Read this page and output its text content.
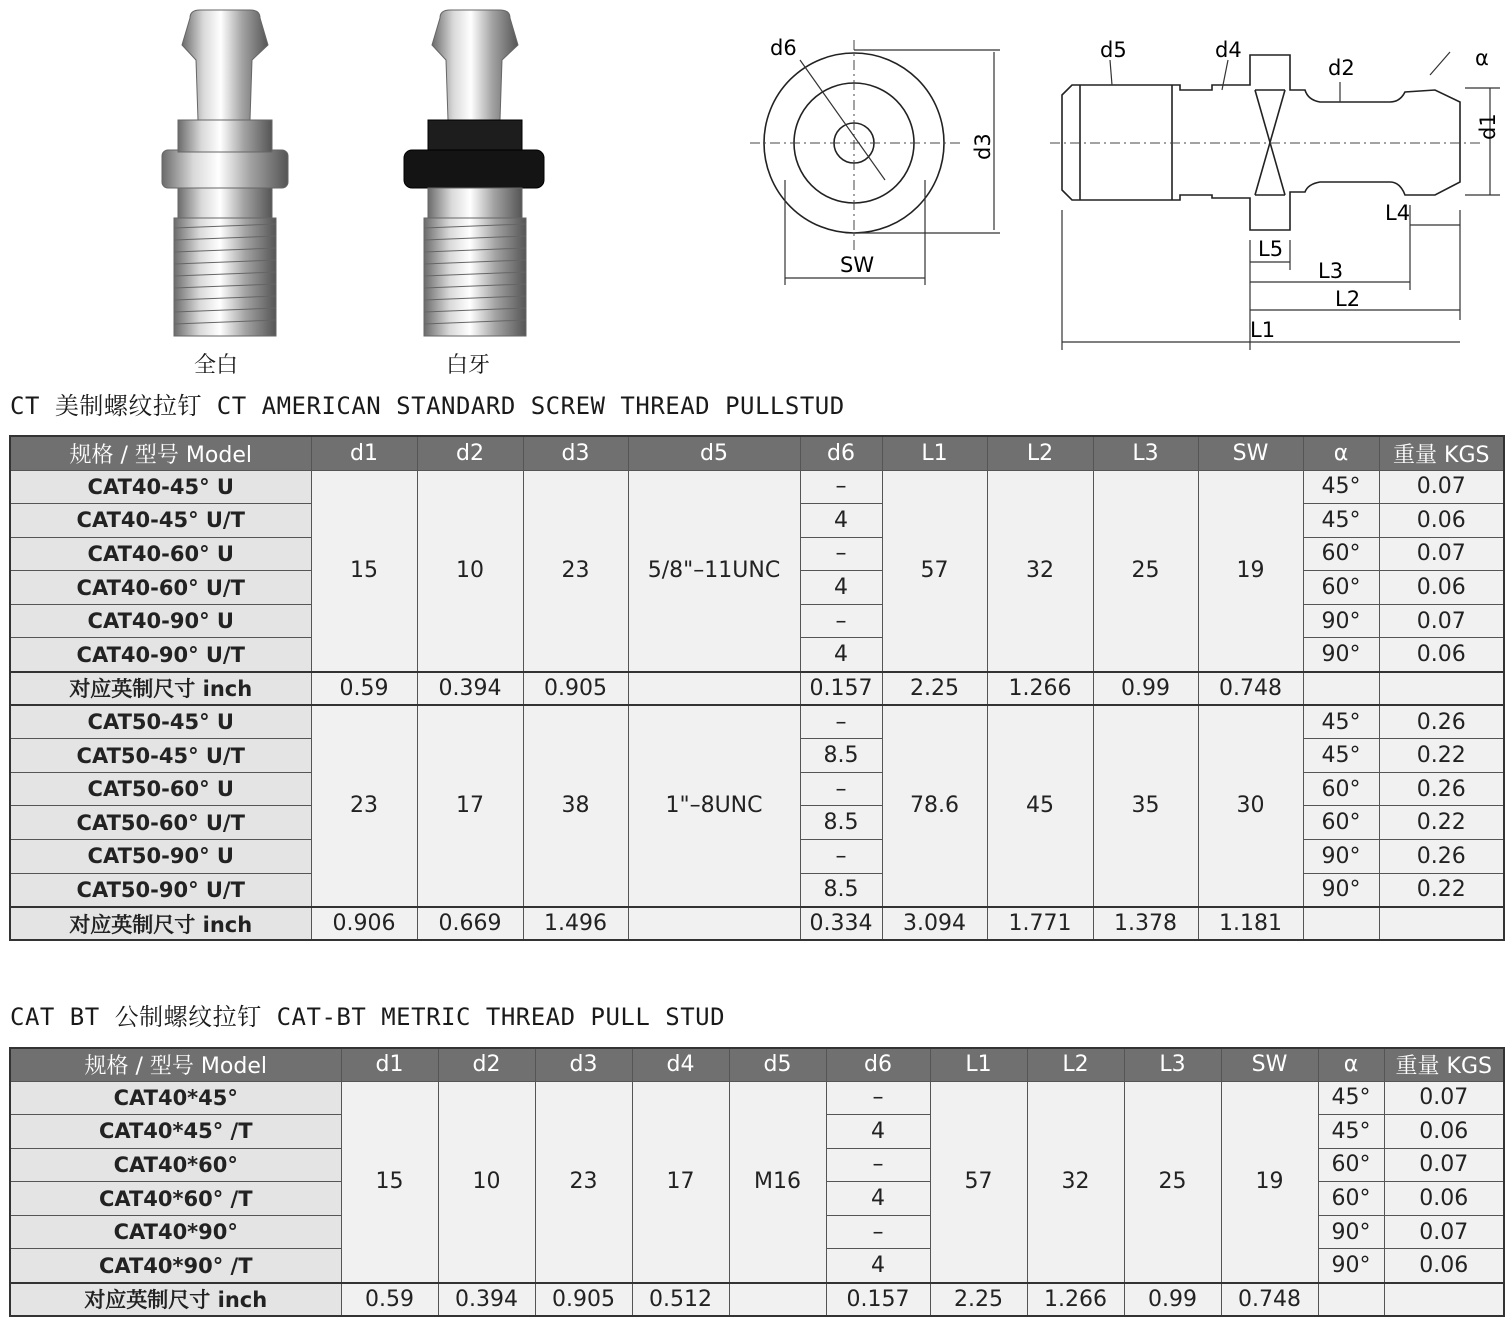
全白	白牙
d6
d3
SW
d5	d4
d2	α
d1
L4
L5
L3
L2
L1
CT 美制螺纹拉钉 CT AMERICAN STANDARD SCREW THREAD PULLSTUD
规格 / 型号 Model	d1	d2	d3	d5	d6	L1	L2	L3	SW	α	重量 KGS
CAT40-45° U	15	10	23	5/8"–11UNC	–	57	32	25	19	45°	0.07
CAT40-45° U/T					4					45°	0.06
CAT40-60° U					–					60°	0.07
CAT40-60° U/T					4					60°	0.06
CAT40-90° U					–					90°	0.07
CAT40-90° U/T					4					90°	0.06
对应英制尺寸 inch	0.59	0.394	0.905		0.157	2.25	1.266	0.99	0.748		
CAT50-45° U	23	17	38	1"–8UNC	–	78.6	45	35	30	45°	0.26
CAT50-45° U/T					8.5					45°	0.22
CAT50-60° U					–					60°	0.26
CAT50-60° U/T					8.5					60°	0.22
CAT50-90° U					–					90°	0.26
CAT50-90° U/T					8.5					90°	0.22
对应英制尺寸 inch	0.906	0.669	1.496		0.334	3.094	1.771	1.378	1.181		
CAT BT 公制螺纹拉钉 CAT-BT METRIC THREAD PULL STUD
规格 / 型号 Model	d1	d2	d3	d4	d5	d6	L1	L2	L3	SW	α	重量 KGS
CAT40*45°	15	10	23	17	M16	–	57	32	25	19	45°	0.07
CAT40*45° /T						4					45°	0.06
CAT40*60°						–					60°	0.07
CAT40*60° /T						4					60°	0.06
CAT40*90°						–					90°	0.07
CAT40*90° /T						4					90°	0.06
对应英制尺寸 inch	0.59	0.394	0.905	0.512		0.157	2.25	1.266	0.99	0.748		
